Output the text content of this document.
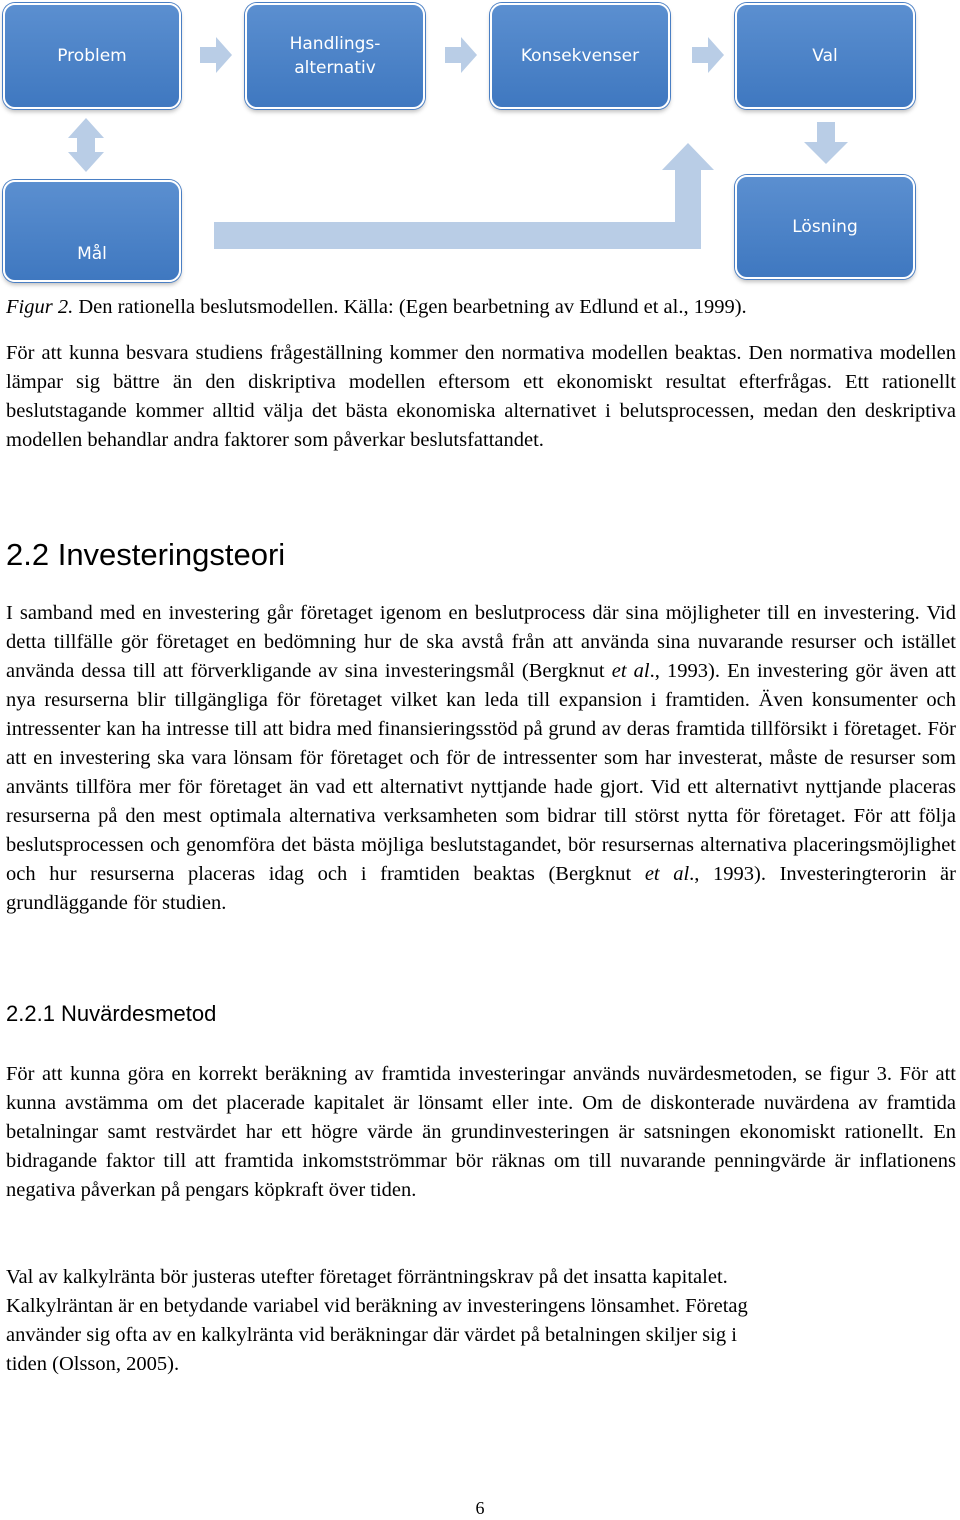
Problem
Handlings-
alternativ
Konsekvenser	Val
Mål
Lösning
Figur 2. Den rationella beslutsmodellen. Källa: (Egen bearbetning av Edlund et al., 1999).
För att kunna besvara studiens frågeställning kommer den normativa modellen beaktas. Den normativa modellen lämpar sig bättre än den diskriptiva modellen eftersom ett ekonomiskt resultat efterfrågas. Ett rationellt beslutstagande kommer alltid välja det bästa ekonomiska alternativet i belutsprocessen, medan den deskriptiva modellen behandlar andra faktorer som påverkar beslutsfattandet.
2.2 Investeringsteori
I samband med en investering går företaget igenom en beslutprocess där sina möjligheter till en investering. Vid detta tillfälle gör företaget en bedömning hur de ska avstå från att använda sina nuvarande resurser och istället använda dessa till att förverkligande av sina investeringsmål (Bergknut et al., 1993). En investering gör även att nya resurserna blir tillgängliga för företaget vilket kan leda till expansion i framtiden. Även konsumenter och intressenter kan ha intresse till att bidra med finansieringsstöd på grund av deras framtida tillförsikt i företaget. För att en investering ska vara lönsam för företaget och för de intressenter som har investerat, måste de resurser som använts tillföra mer för företaget än vad ett alternativt nyttjande hade gjort. Vid ett alternativt nyttjande placeras resurserna på den mest optimala alternativa verksamheten som bidrar till störst nytta för företaget. För att följa beslutsprocessen och genomföra det bästa möjliga beslutstagandet, bör resursernas alternativa placeringsmöjlighet och hur resurserna placeras idag och i framtiden beaktas (Bergknut et al., 1993). Investeringterorin är grundläggande för studien.
2.2.1 Nuvärdesmetod
För att kunna göra en korrekt beräkning av framtida investeringar används nuvärdesmetoden, se figur 3. För att kunna avstämma om det placerade kapitalet är lönsamt eller inte. Om de diskonterade nuvärdena av framtida betalningar samt restvärdet har ett högre värde än grundinvesteringen är satsningen ekonomiskt rationellt. En bidragande faktor till att framtida inkomstströmmar bör räknas om till nuvarande penningvärde är inflationens negativa påverkan på pengars köpkraft över tiden.
Val av kalkylränta bör justeras utefter företaget förräntningskrav på det insatta kapitalet.
Kalkylräntan är en betydande variabel vid beräkning av investeringens lönsamhet. Företag
använder sig ofta av en kalkylränta vid beräkningar där värdet på betalningen skiljer sig i
tiden (Olsson, 2005).
6
